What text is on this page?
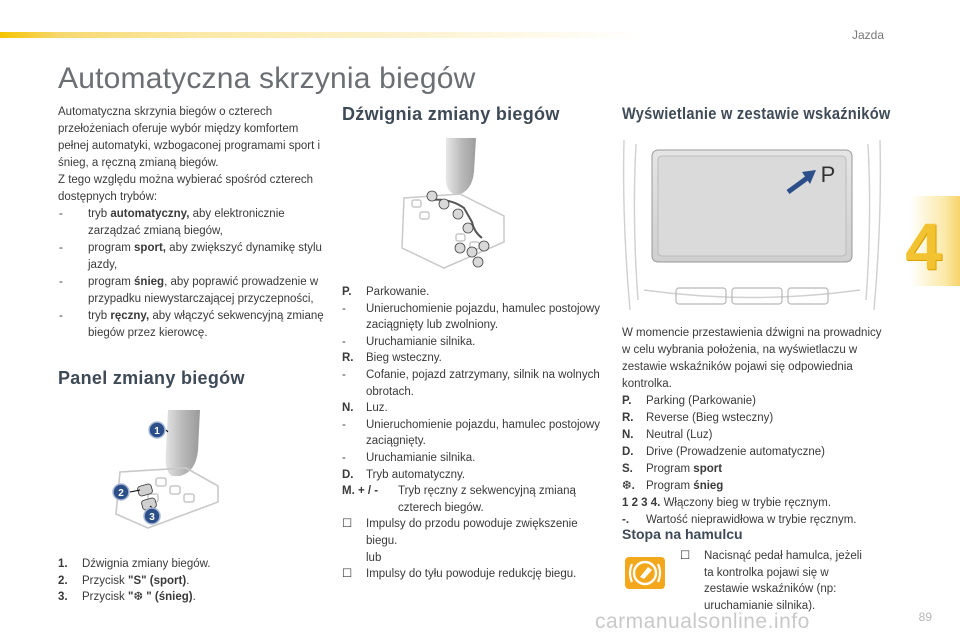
Jazda
4
Automatyczna skrzynia biegów

Automatyczna skrzynia biegów o czterech przełożeniach oferuje wybór między komfortem pełnej automatyki, wzbogaconej programami sport i śnieg, a ręczną zmianą biegów.

Z tego względu można wybierać spośród czterech dostępnych trybów:

- tryb automatyczny, aby elektronicznie zarządzać zmianą biegów,
- program sport, aby zwiększyć dynamikę stylu jazdy,
- program śnieg, aby poprawić prowadzenie w przypadku niewystarczającej przyczepności,
- tryb ręczny, aby włączyć sekwencyjną zmianę biegów przez kierowcę.
Panel zmiany biegów
1
2
3
1.	Dźwignia zmiany biegów.
2.	Przycisk "S" (sport).
3.	Przycisk "❆ " (śnieg).
Dźwignia zmiany biegów
P.	Parkowanie.
-	Unieruchomienie pojazdu, hamulec postojowy zaciągnięty lub zwolniony.
-	Uruchamianie silnika.
R.	Bieg wsteczny.
-	Cofanie, pojazd zatrzymany, silnik na wolnych obrotach.
N.	Luz.
-	Unieruchomienie pojazdu, hamulec postojowy zaciągnięty.
-	Uruchamianie silnika.
D.	Tryb automatyczny.
M. + / -	Tryb ręczny z sekwencyjną zmianą czterech biegów.
☐	Impulsy do przodu powoduje zwiększenie biegu.
lub
☐	Impulsy do tyłu powoduje redukcję biegu.
Wyświetlanie w zestawie wskaźników
P
W momencie przestawienia dźwigni na prowadnicy w celu wybrania położenia, na wyświetlaczu w zestawie wskaźników pojawi się odpowiednia kontrolka.
P.	Parking (Parkowanie)
R.	Reverse (Bieg wsteczny)
N.	Neutral (Luz)
D.	Drive (Prowadzenie automatyczne)
S.	Program sport
❆. Program śnieg
1 2 3 4. Włączony bieg w trybie ręcznym.
-.	Wartość nieprawidłowa w trybie ręcznym.
Stopa na hamulcu
☐	Nacisnąć pedał hamulca, jeżeli ta kontrolka pojawi się w zestawie wskaźników (np: uruchamianie silnika).
carmanualsonline.info	89
